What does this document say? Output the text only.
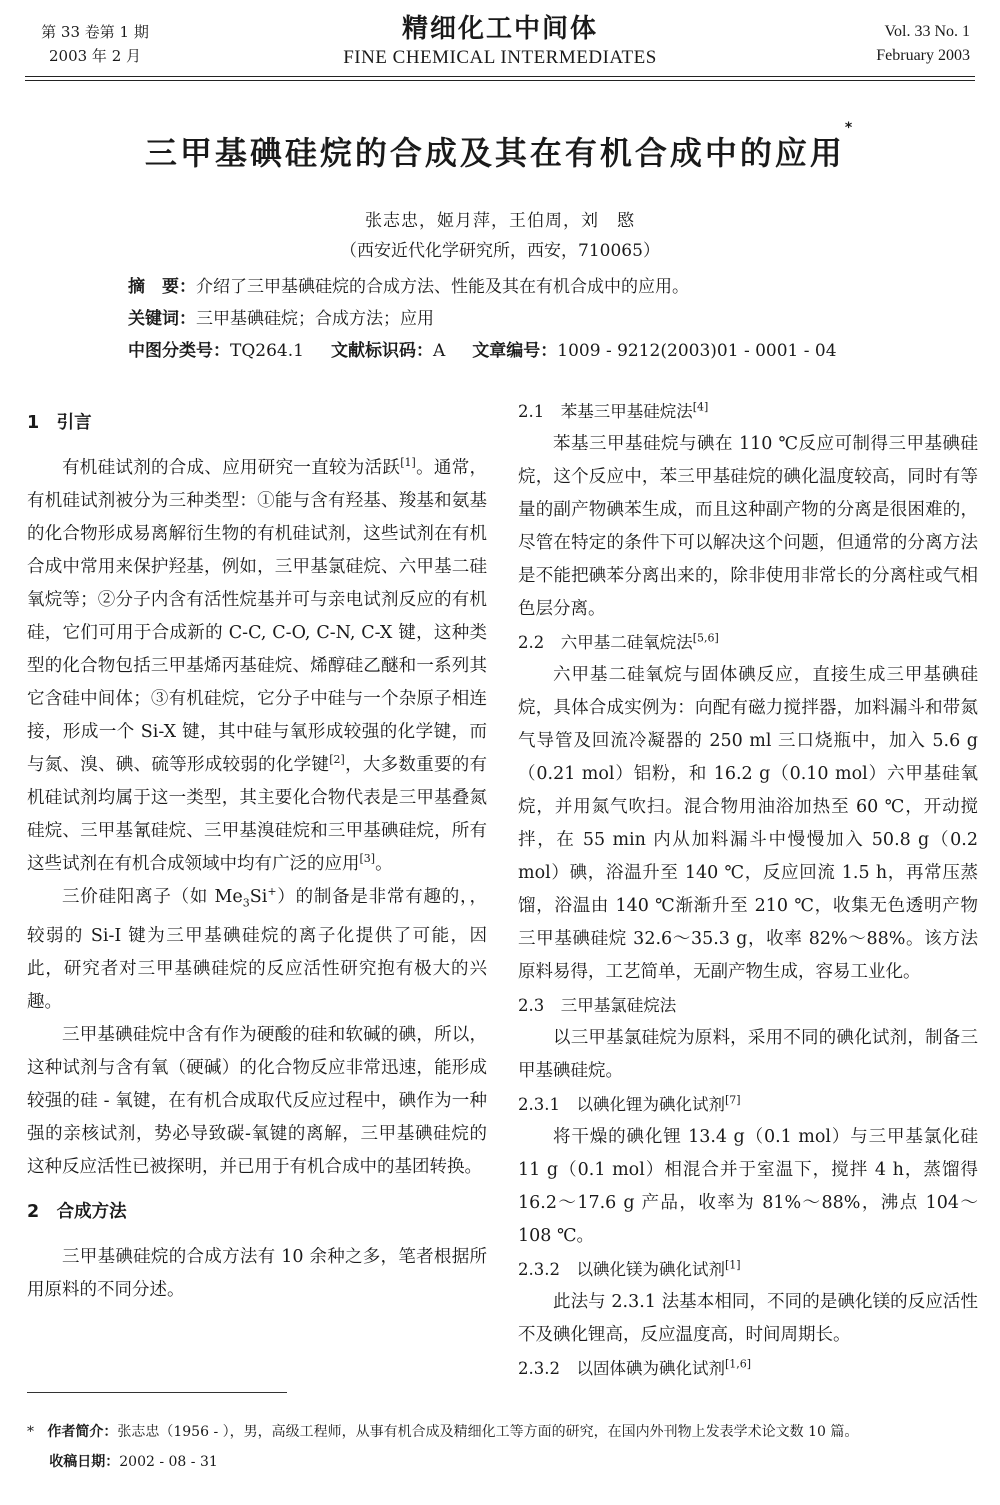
第 33 卷第 1 期
2003 年 2 月
精细化工中间体
FINE CHEMICAL INTERMEDIATES
Vol. 33 No. 1
February 2003
三甲基碘硅烷的合成及其在有机合成中的应用*
张志忠，姬月萍，王伯周，刘　愍
（西安近代化学研究所，西安，710065）
摘　要：介绍了三甲基碘硅烷的合成方法、性能及其在有机合成中的应用。
关键词：三甲基碘硅烷；合成方法；应用
中图分类号：TQ264.1 文献标识码：A 文章编号：1009 - 9212(2003)01 - 0001 - 04
1　引言

有机硅试剂的合成、应用研究一直较为活跃[1]。通常，有机硅试剂被分为三种类型：①能与含有羟基、羧基和氨基的化合物形成易离解衍生物的有机硅试剂，这些试剂在有机合成中常用来保护羟基，例如，三甲基氯硅烷、六甲基二硅氧烷等；②分子内含有活性烷基并可与亲电试剂反应的有机硅，它们可用于合成新的 C-C, C-O, C-N, C-X 键，这种类型的化合物包括三甲基烯丙基硅烷、烯醇硅乙醚和一系列其它含硅中间体；③有机硅烷，它分子中硅与一个杂原子相连接，形成一个 Si-X 键，其中硅与氧形成较强的化学键，而与氮、溴、碘、硫等形成较弱的化学键[2]，大多数重要的有机硅试剂均属于这一类型，其主要化合物代表是三甲基叠氮硅烷、三甲基氰硅烷、三甲基溴硅烷和三甲基碘硅烷，所有这些试剂在有机合成领域中均有广泛的应用[3]。

三价硅阳离子（如 $Me_3Si^+$）的制备是非常有趣的，，较弱的 Si-I 键为三甲基碘硅烷的离子化提供了可能，因此，研究者对三甲基碘硅烷的反应活性研究抱有极大的兴趣。

三甲基碘硅烷中含有作为硬酸的硅和软碱的碘，所以，这种试剂与含有氧（硬碱）的化合物反应非常迅速，能形成较强的硅 - 氧键，在有机合成取代反应过程中，碘作为一种强的亲核试剂，势必导致碳-氧键的离解，三甲基碘硅烷的这种反应活性已被探明，并已用于有机合成中的基团转换。

2　合成方法

三甲基碘硅烷的合成方法有 10 余种之多，笔者根据所用原料的不同分述。

2.1　苯基三甲基硅烷法[4]

苯基三甲基硅烷与碘在 110 ℃反应可制得三甲基碘硅烷，这个反应中，苯三甲基硅烷的碘化温度较高，同时有等量的副产物碘苯生成，而且这种副产物的分离是很困难的，尽管在特定的条件下可以解决这个问题，但通常的分离方法是不能把碘苯分离出来的，除非使用非常长的分离柱或气相色层分离。

2.2　六甲基二硅氧烷法[5,6]

六甲基二硅氧烷与固体碘反应，直接生成三甲基碘硅烷，具体合成实例为：向配有磁力搅拌器，加料漏斗和带氮气导管及回流冷凝器的 250 ml 三口烧瓶中，加入 5.6 g（0.21 mol）铝粉，和 16.2 g（0.10 mol）六甲基硅氧烷，并用氮气吹扫。混合物用油浴加热至 60 ℃，开动搅拌，在 55 min 内从加料漏斗中慢慢加入 50.8 g（0.2 mol）碘，浴温升至 140 ℃，反应回流 1.5 h，再常压蒸馏，浴温由 140 ℃渐渐升至 210 ℃，收集无色透明产物三甲基碘硅烷 32.6～35.3 g，收率 82%～88%。该方法原料易得，工艺简单，无副产物生成，容易工业化。

2.3　三甲基氯硅烷法

以三甲基氯硅烷为原料，采用不同的碘化试剂，制备三甲基碘硅烷。

2.3.1　以碘化锂为碘化试剂[7]

将干燥的碘化锂 13.4 g（0.1 mol）与三甲基氯化硅 11 g（0.1 mol）相混合并于室温下，搅拌 4 h，蒸馏得 16.2～17.6 g 产品，收率为 81%～88%，沸点 104～108 ℃。

2.3.2　以碘化镁为碘化试剂[1]

此法与 2.3.1 法基本相同，不同的是碘化镁的反应活性不及碘化锂高，反应温度高，时间周期长。

2.3.2　以固体碘为碘化试剂[1,6]
* 作者简介：张志忠（1956 - ），男，高级工程师，从事有机合成及精细化工等方面的研究，在国内外刊物上发表学术论文数 10 篇。
收稿日期：2002 - 08 - 31
